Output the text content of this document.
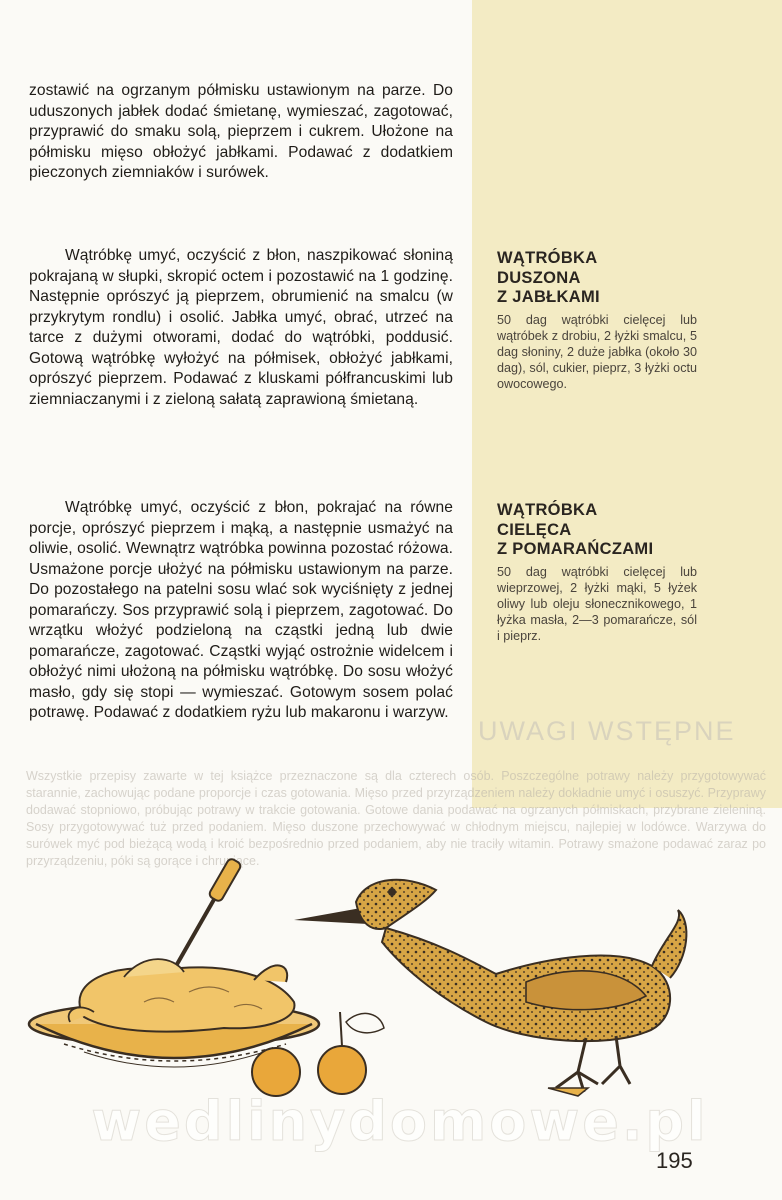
UWAGI WSTĘPNE
Wszystkie przepisy zawarte w tej książce przeznaczone są dla czterech osób. Poszczególne potrawy należy przygotowywać starannie, zachowując podane proporcje i czas gotowania. Mięso przed przyrządzeniem należy dokładnie umyć i osuszyć. Przyprawy dodawać stopniowo, próbując potrawy w trakcie gotowania. Gotowe dania podawać na ogrzanych półmiskach, przybrane zieleniną. Sosy przygotowywać tuż przed podaniem. Mięso duszone przechowywać w chłodnym miejscu, najlepiej w lodówce. Warzywa do surówek myć pod bieżącą wodą i kroić bezpośrednio przed podaniem, aby nie traciły witamin. Potrawy smażone podawać zaraz po przyrządzeniu, póki są gorące i chrupiące.

zostawić na ogrzanym półmisku ustawionym na parze. Do uduszonych jabłek dodać śmietanę, wymieszać, zagotować, przyprawić do smaku solą, pieprzem i cukrem. Ułożone na półmisku mięso obłożyć jabłkami. Podawać z dodatkiem pieczonych ziemniaków i surówek.

Wątróbkę umyć, oczyścić z błon, naszpikować słoniną pokrajaną w słupki, skropić octem i pozostawić na 1 godzinę. Następnie oprószyć ją pieprzem, obrumienić na smalcu (w przykrytym rondlu) i osolić. Jabłka umyć, obrać, utrzeć na tarce z dużymi otworami, dodać do wątróbki, poddusić. Gotową wątróbkę wyłożyć na półmisek, obłożyć jabłkami, oprószyć pieprzem. Podawać z kluskami półfrancuskimi lub ziemniaczanymi i z zieloną sałatą zaprawioną śmietaną.

WĄTRÓBKA
DUSZONA
Z JABŁKAMI

50 dag wątróbki cielęcej lub wątróbek z drobiu, 2 łyżki smalcu, 5 dag słoniny, 2 duże jabłka (około 30 dag), sól, cukier, pieprz, 3 łyżki octu owocowego.

Wątróbkę umyć, oczyścić z błon, pokrajać na równe porcje, oprószyć pieprzem i mąką, a następnie usmażyć na oliwie, osolić. Wewnątrz wątróbka powinna pozostać różowa. Usmażone porcje ułożyć na półmisku ustawionym na parze. Do pozostałego na patelni sosu wlać sok wyciśnięty z jednej pomarańczy. Sos przyprawić solą i pieprzem, zagotować. Do wrzątku włożyć podzieloną na cząstki jedną lub dwie pomarańcze, zagotować. Cząstki wyjąć ostrożnie widelcem i obłożyć nimi ułożoną na półmisku wątróbkę. Do sosu włożyć masło, gdy się stopi — wymieszać. Gotowym sosem polać potrawę. Podawać z dodatkiem ryżu lub makaronu i warzyw.

WĄTRÓBKA
CIELĘCA
Z POMARAŃCZAMI

50 dag wątróbki cielęcej lub wieprzowej, 2 łyżki mąki, 5 łyżek oliwy lub oleju słonecznikowego, 1 łyżka masła, 2—3 pomarańcze, sól i pieprz.

wedlinydomowe.pl
195
